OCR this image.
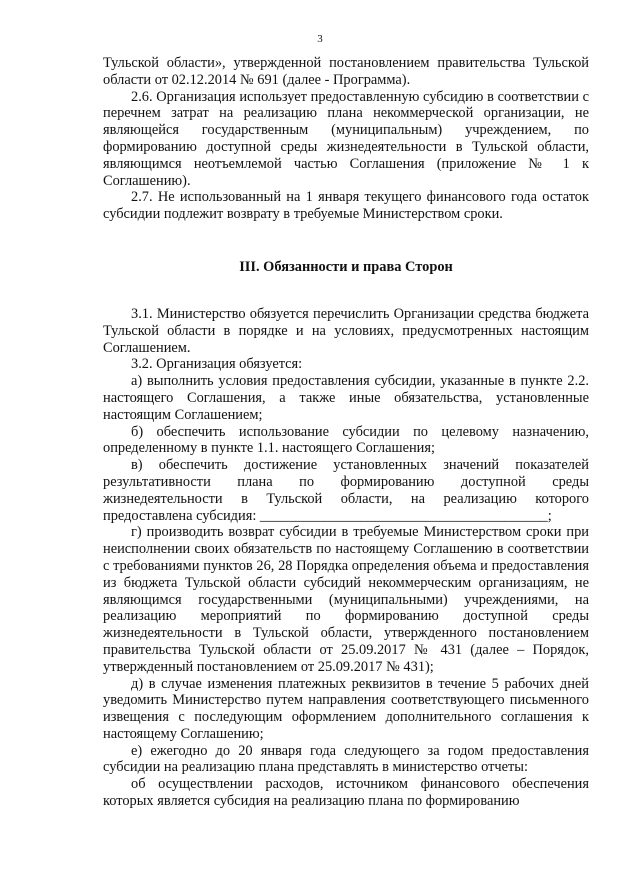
3

Тульской области», утвержденной постановлением правительства Тульской области от 02.12.2014 № 691 (далее - Программа).

2.6. Организация использует предоставленную субсидию в соответствии с перечнем затрат на реализацию плана некоммерческой организации, не являющейся государственным (муниципальным) учреждением, по формированию доступной среды жизнедеятельности в Тульской области, являющимся неотъемлемой частью Соглашения (приложение № 1 к Соглашению).

2.7. Не использованный на 1 января текущего финансового года остаток субсидии подлежит возврату в требуемые Министерством сроки.

III. Обязанности и права Сторон

3.1. Министерство обязуется перечислить Организации средства бюджета Тульской области в порядке и на условиях, предусмотренных настоящим Соглашением.

3.2. Организация обязуется:

а) выполнить условия предоставления субсидии, указанные в пункте 2.2. настоящего Соглашения, а также иные обязательства, установленные настоящим Соглашением;

б) обеспечить использование субсидии по целевому назначению, определенному в пункте 1.1. настоящего Соглашения;

в) обеспечить достижение установленных значений показателей результативности плана по формированию доступной среды жизнедеятельности в Тульской области, на реализацию которого предоставлена субсидия: ________________________________________;

г) производить возврат субсидии в требуемые Министерством сроки при неисполнении своих обязательств по настоящему Соглашению в соответствии с требованиями пунктов 26, 28 Порядка определения объема и предоставления из бюджета Тульской области субсидий некоммерческим организациям, не являющимся государственными (муниципальными) учреждениями, на реализацию мероприятий по формированию доступной среды жизнедеятельности в Тульской области, утвержденного постановлением правительства Тульской области от 25.09.2017 № 431 (далее – Порядок, утвержденный постановлением от 25.09.2017 № 431);

д) в случае изменения платежных реквизитов в течение 5 рабочих дней уведомить Министерство путем направления соответствующего письменного извещения с последующим оформлением дополнительного соглашения к настоящему Соглашению;

е) ежегодно до 20 января года следующего за годом предоставления субсидии на реализацию плана представлять в министерство отчеты:

об осуществлении расходов, источником финансового обеспечения которых является субсидия на реализацию плана по формированию
